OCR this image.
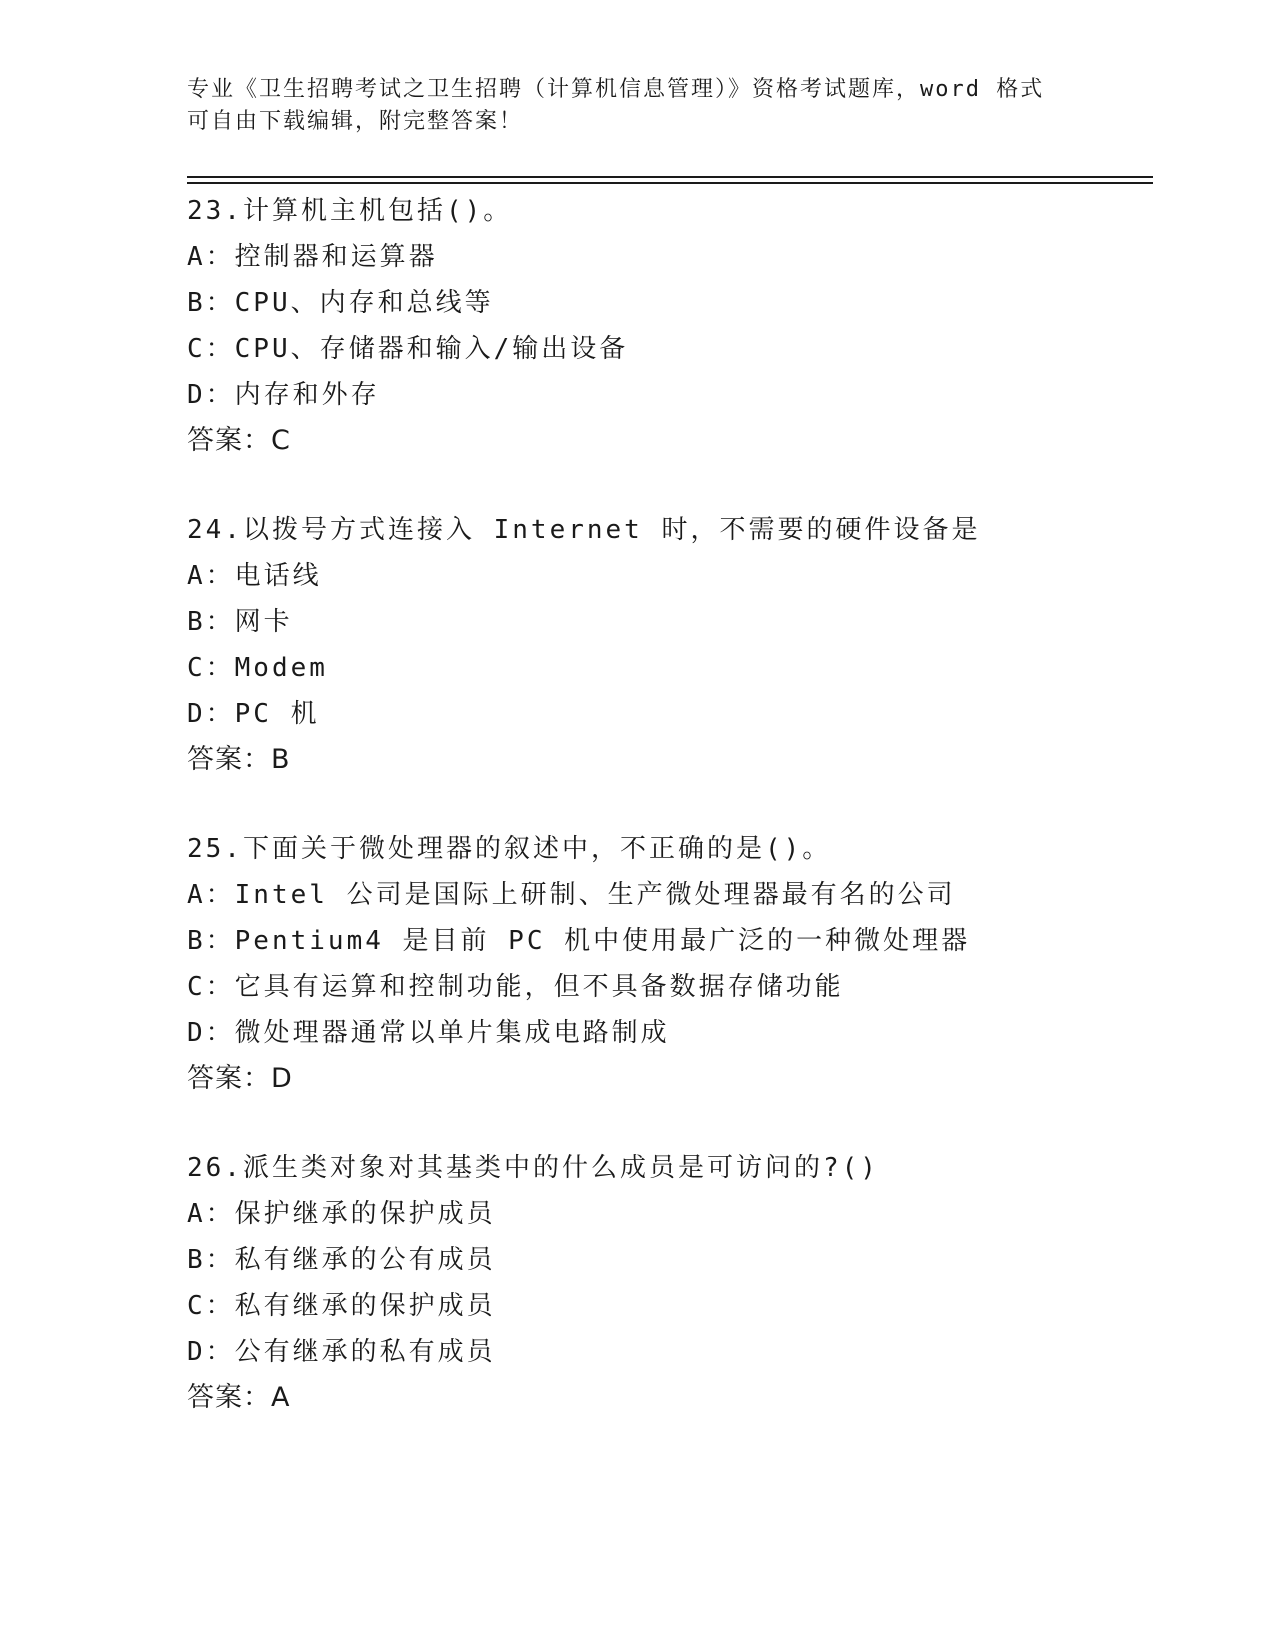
专业《卫生招聘考试之卫生招聘（计算机信息管理）》资格考试题库，word 格式
可自由下载编辑，附完整答案！
23.计算机主机包括()。
A：控制器和运算器
B：CPU、内存和总线等
C：CPU、存储器和输入/输出设备
D：内存和外存
答案：C
24.以拨号方式连接入 Internet 时，不需要的硬件设备是
A：电话线
B：网卡
C：Modem
D：PC 机
答案：B
25.下面关于微处理器的叙述中，不正确的是()。
A：Intel 公司是国际上研制、生产微处理器最有名的公司
B：Pentium4 是目前 PC 机中使用最广泛的一种微处理器
C：它具有运算和控制功能，但不具备数据存储功能
D：微处理器通常以单片集成电路制成
答案：D
26.派生类对象对其基类中的什么成员是可访问的?()
A：保护继承的保护成员
B：私有继承的公有成员
C：私有继承的保护成员
D：公有继承的私有成员
答案：A
